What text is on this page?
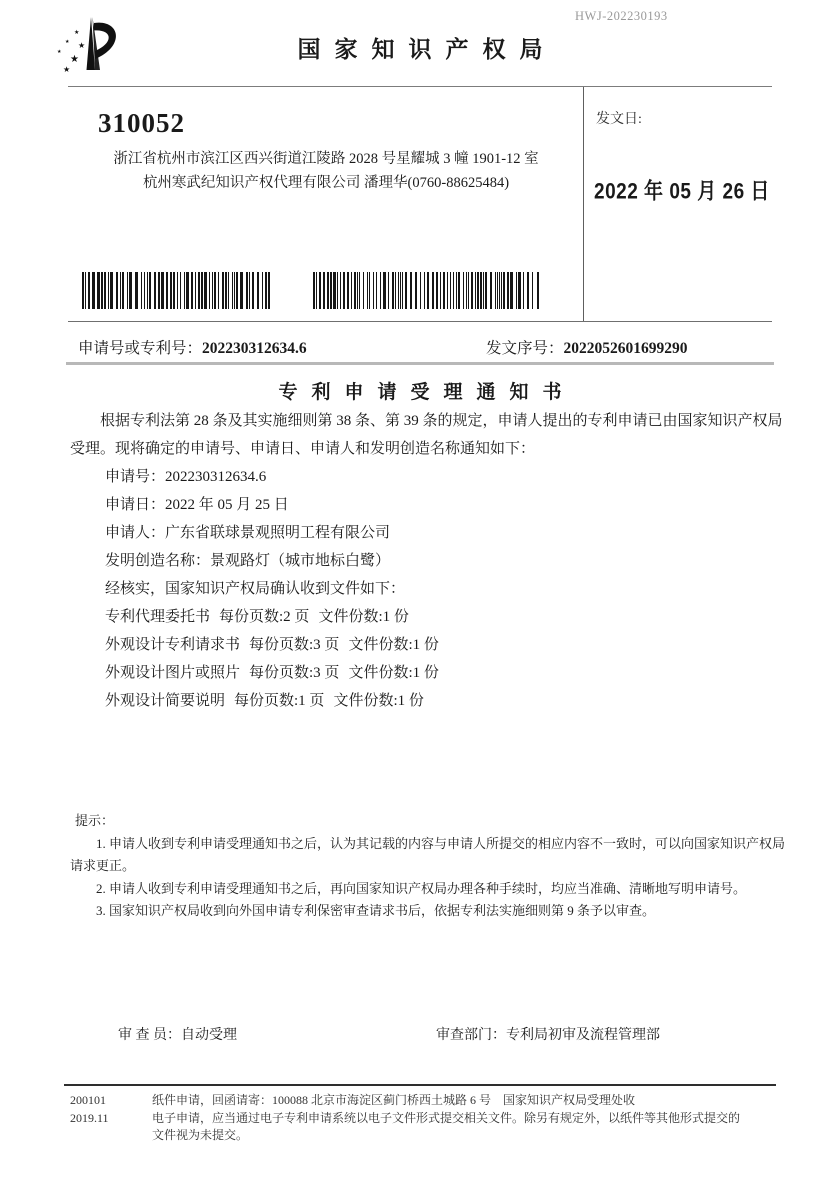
HWJ-202230193
★
★ ★
★
★
★
国家知识产权局
310052
浙江省杭州市滨江区西兴街道江陵路 2028 号星耀城 3 幢 1901-12 室
杭州寒武纪知识产权代理有限公司 潘理华(0760-88625484)
发文日:
2022 年 05 月 26 日
申请号或专利号：202230312634.6	发文序号：2022052601699290
专利申请受理通知书
根据专利法第 28 条及其实施细则第 38 条、第 39 条的规定，申请人提出的专利申请已由国家知识产权局
受理。现将确定的申请号、申请日、申请人和发明创造名称通知如下：
申请号：202230312634.6
申请日：2022 年 05 月 25 日
申请人：广东省联球景观照明工程有限公司
发明创造名称：景观路灯（城市地标白鹭）
经核实，国家知识产权局确认收到文件如下：
专利代理委托书 每份页数:2 页 文件份数:1 份
外观设计专利请求书 每份页数:3 页 文件份数:1 份
外观设计图片或照片 每份页数:3 页 文件份数:1 份
外观设计简要说明 每份页数:1 页 文件份数:1 份
提示：
1. 申请人收到专利申请受理通知书之后，认为其记载的内容与申请人所提交的相应内容不一致时，可以向国家知识产权局
请求更正。
2. 申请人收到专利申请受理通知书之后，再向国家知识产权局办理各种手续时，均应当准确、清晰地写明申请号。
3. 国家知识产权局收到向外国申请专利保密审查请求书后，依据专利法实施细则第 9 条予以审查。
审 查 员：自动受理	审查部门：专利局初审及流程管理部
200101	纸件申请，回函请寄：100088 北京市海淀区蓟门桥西土城路 6 号　国家知识产权局受理处收
2019.11	电子申请，应当通过电子专利申请系统以电子文件形式提交相关文件。除另有规定外，以纸件等其他形式提交的
文件视为未提交。
